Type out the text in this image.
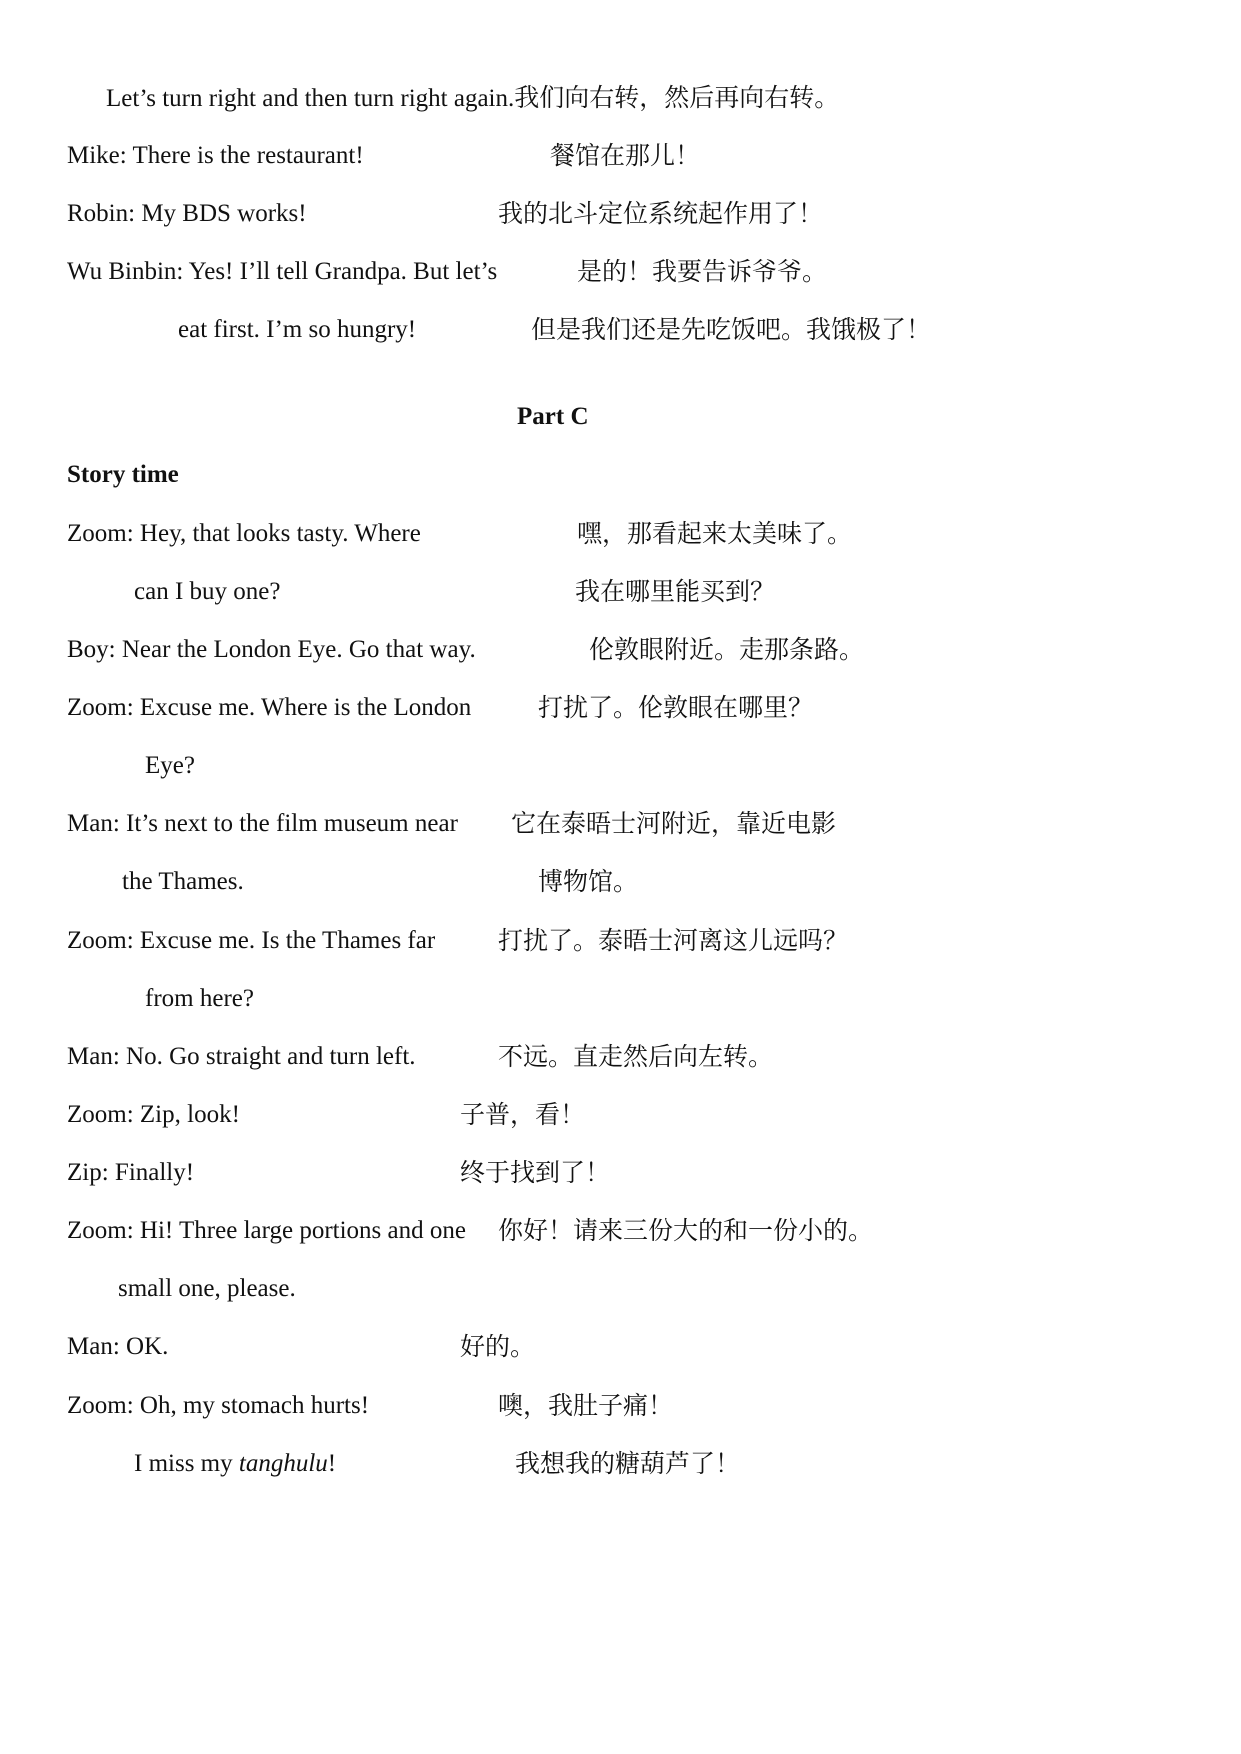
Let’s turn right and then turn right again.我们向右转，然后再向右转。
Mike: There is the restaurant!	餐馆在那儿！
Robin: My BDS works!	我的北斗定位系统起作用了！
Wu Binbin: Yes! I’ll tell Grandpa. But let’s	是的！我要告诉爷爷。
eat first. I’m so hungry!	但是我们还是先吃饭吧。我饿极了！
Part C
Story time
Zoom: Hey, that looks tasty. Where	嘿，那看起来太美味了。
can I buy one?	我在哪里能买到？
Boy: Near the London Eye. Go that way.	伦敦眼附近。走那条路。
Zoom: Excuse me. Where is the London	打扰了。伦敦眼在哪里？
Eye?
Man: It’s next to the film museum near 它在泰晤士河附近，靠近电影
the Thames.	博物馆。
Zoom: Excuse me. Is the Thames far	打扰了。泰晤士河离这儿远吗？
from here?
Man: No. Go straight and turn left.	不远。直走然后向左转。
Zoom: Zip, look!	子普，看！
Zip: Finally!	终于找到了！
Zoom: Hi! Three large portions and one 你好！请来三份大的和一份小的。
small one, please.
Man: OK.	好的。
Zoom: Oh, my stomach hurts!	噢，我肚子痛！
I miss my tanghulu!	我想我的糖葫芦了！
